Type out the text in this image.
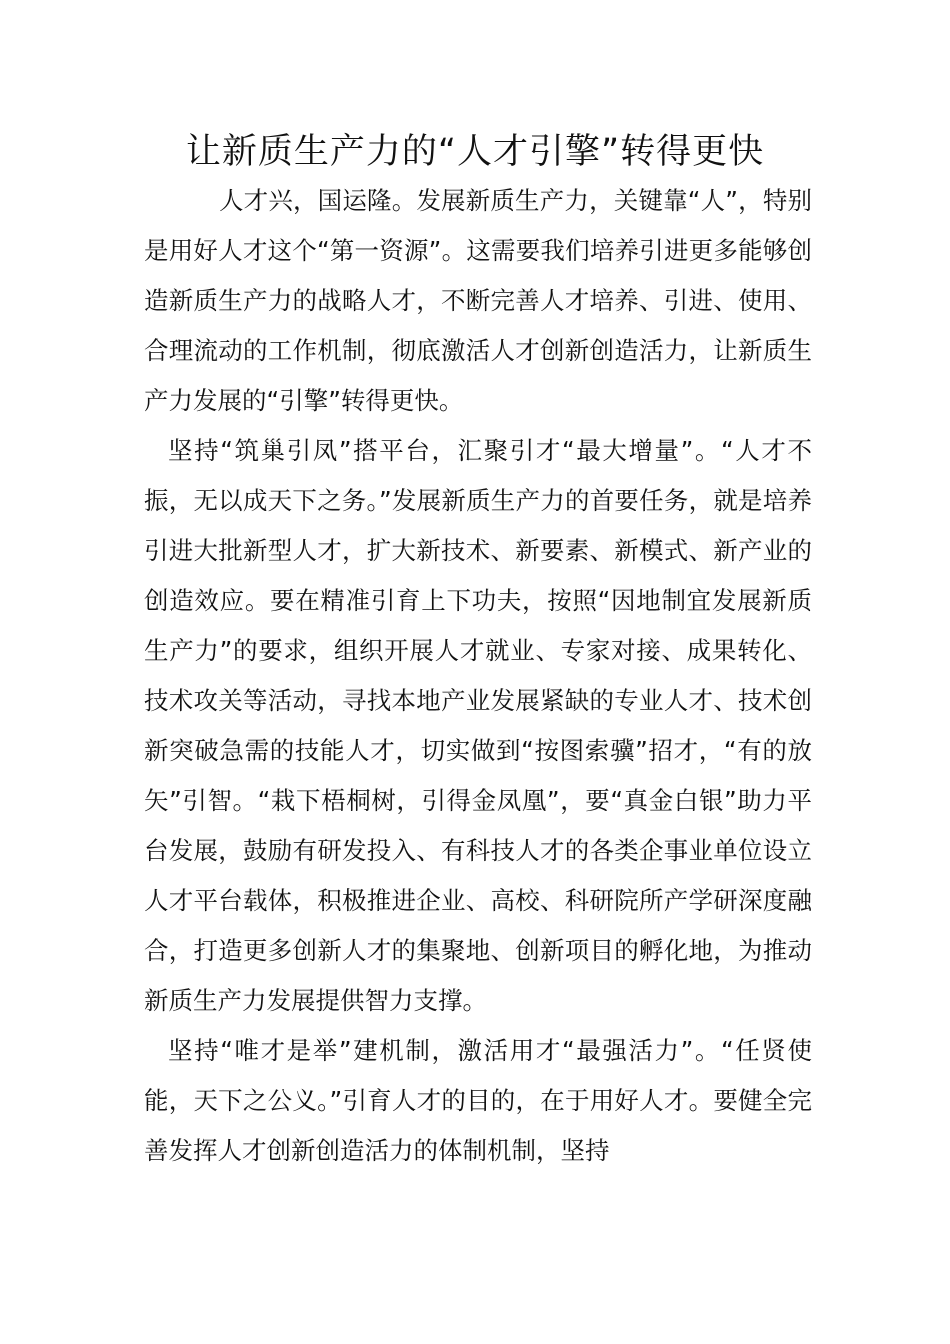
让新质生产力的“人才引擎”转得更快

人才兴，国运隆。发展新质生产力，关键靠“人”，特别是用好人才这个“第一资源”。这需要我们培养引进更多能够创造新质生产力的战略人才，不断完善人才培养、引进、使用、合理流动的工作机制，彻底激活人才创新创造活力，让新质生产力发展的“引擎”转得更快。

坚持“筑巢引凤”搭平台，汇聚引才“最大增量”。“人才不振，无以成天下之务。”发展新质生产力的首要任务，就是培养引进大批新型人才，扩大新技术、新要素、新模式、新产业的创造效应。要在精准引育上下功夫，按照“因地制宜发展新质生产力”的要求，组织开展人才就业、专家对接、成果转化、技术攻关等活动，寻找本地产业发展紧缺的专业人才、技术创新突破急需的技能人才，切实做到“按图索骥”招才，“有的放矢”引智。“栽下梧桐树，引得金凤凰”，要“真金白银”助力平台发展，鼓励有研发投入、有科技人才的各类企事业单位设立人才平台载体，积极推进企业、高校、科研院所产学研深度融合，打造更多创新人才的集聚地、创新项目的孵化地，为推动新质生产力发展提供智力支撑。

坚持“唯才是举”建机制，激活用才“最强活力”。“任贤使能，天下之公义。”引育人才的目的，在于用好人才。要健全完善发挥人才创新创造活力的体制机制，坚持
